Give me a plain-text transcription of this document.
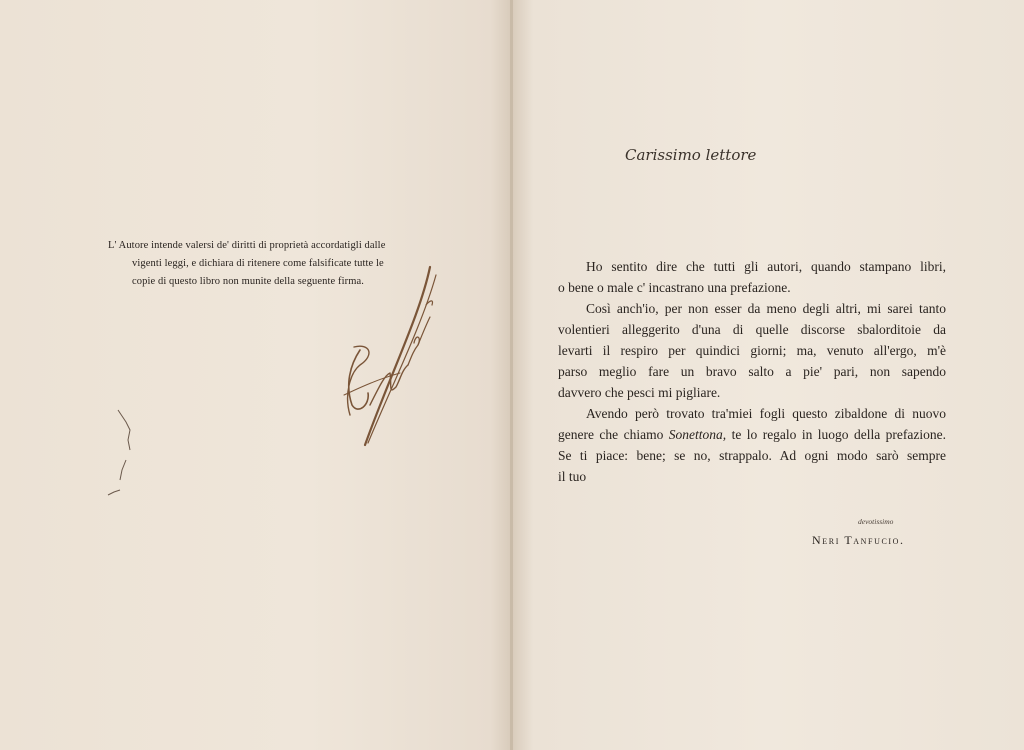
L' Autore intende valersi de' diritti di proprietà accordatigli dalle
vigenti leggi, e dichiara di ritenere come falsificate tutte le
copie di questo libro non munite della seguente firma.
Carissimo lettore
Ho sentito dire che tutti gli autori, quando stampano libri,
o bene o male c' incastrano una prefazione.
Così anch'io, per non esser da meno degli altri, mi sarei tanto
volentieri alleggerito d'una di quelle discorse sbalorditoie da
levarti il respiro per quindici giorni; ma, venuto all'ergo, m'è
parso meglio fare un bravo salto a pie' pari, non sapendo
davvero che pesci mi pigliare.
Avendo però trovato tra'miei fogli questo zibaldone di nuovo
genere che chiamo Sonettona, te lo regalo in luogo della prefazione.
Se ti piace: bene; se no, strappalo. Ad ogni modo sarò sempre
il tuo
devotissimo
Neri Tanfucio.
